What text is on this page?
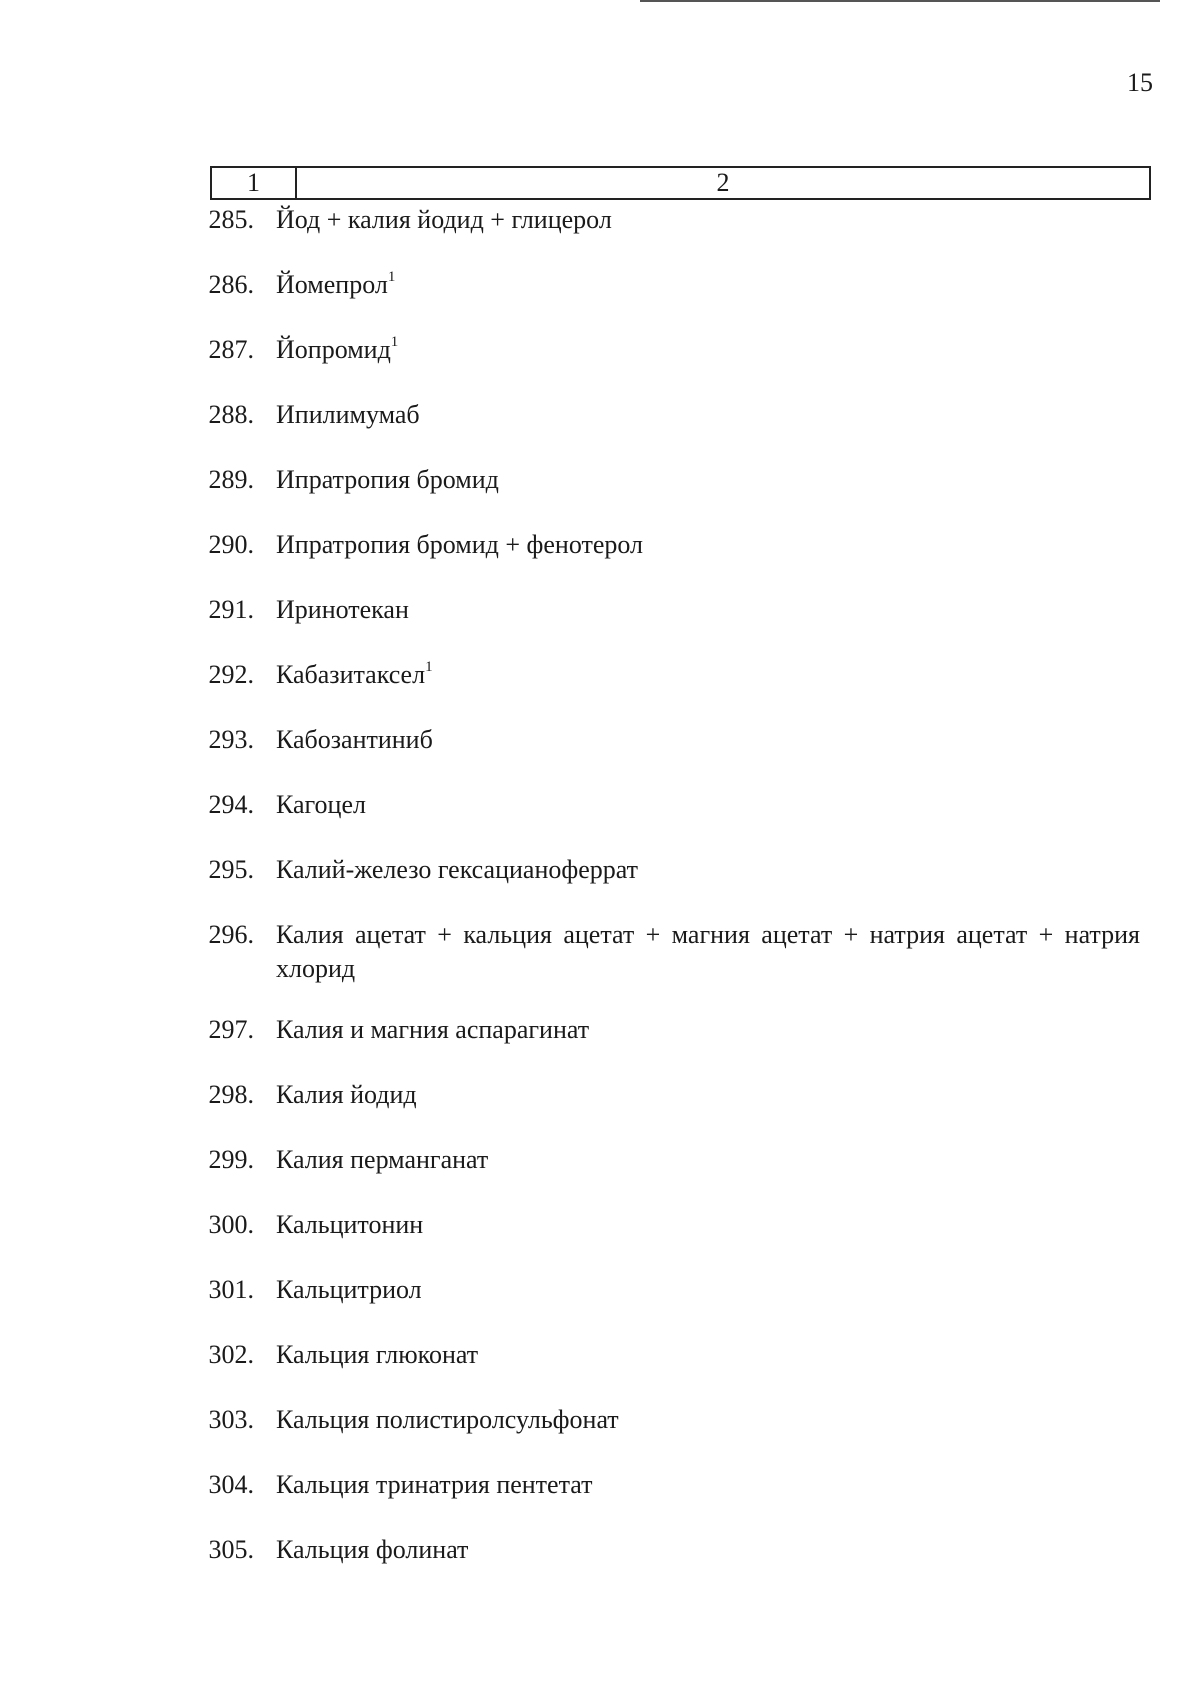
15
1	2
285. Йод + калия йодид + глицерол
286. Йомепрол$^1$
287. Йопромид$^1$
288. Ипилимумаб
289. Ипратропия бромид
290. Ипратропия бромид + фенотерол
291. Иринотекан
292. Кабазитаксел$^1$
293. Кабозантиниб
294. Кагоцел
295. Калий-железо гексацианоферрат
296. Калия ацетат + кальция ацетат + магния ацетат + натрия ацетат + натрия хлорид
297. Калия и магния аспарагинат
298. Калия йодид
299. Калия перманганат
300. Кальцитонин
301. Кальцитриол
302. Кальция глюконат
303. Кальция полистиролсульфонат
304. Кальция тринатрия пентетат
305. Кальция фолинат
